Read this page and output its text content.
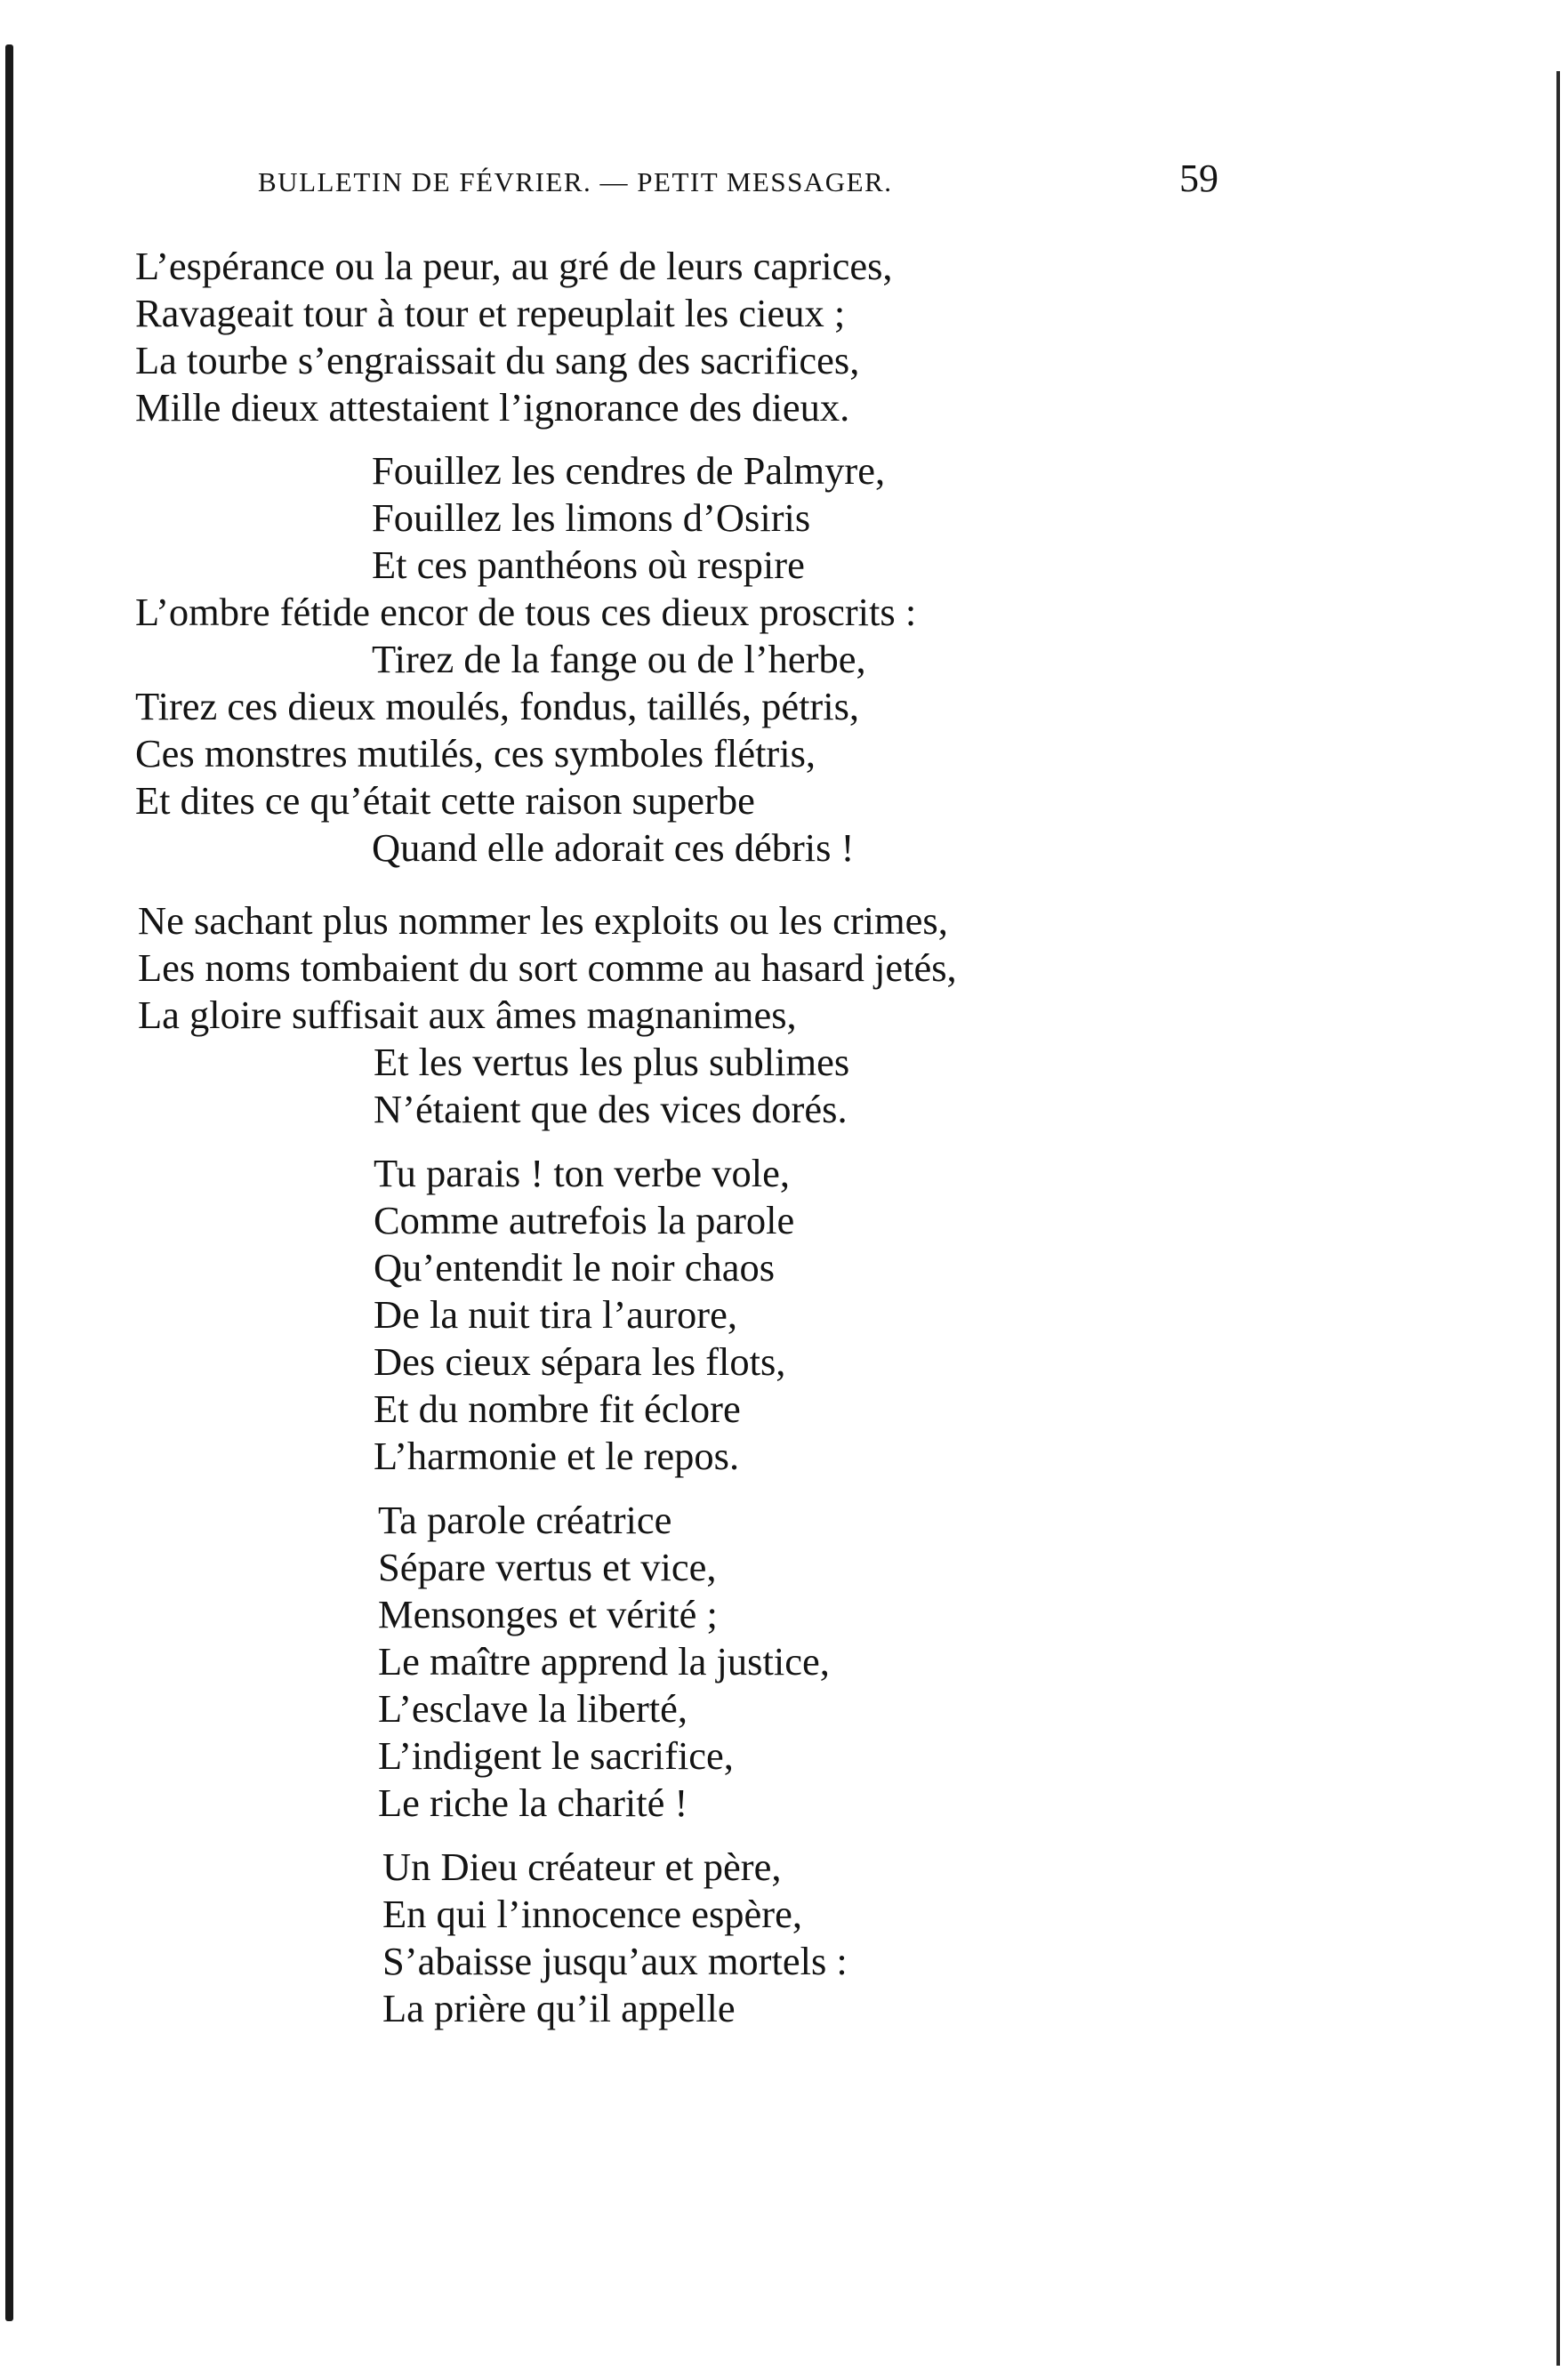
BULLETIN DE FÉVRIER. — PETIT MESSAGER.	59
L’espérance ou la peur, au gré de leurs caprices,
Ravageait tour à tour et repeuplait les cieux ;
La tourbe s’engraissait du sang des sacrifices,
Mille dieux attestaient l’ignorance des dieux.
Fouillez les cendres de Palmyre,
Fouillez les limons d’Osiris
Et ces panthéons où respire
L’ombre fétide encor de tous ces dieux proscrits :
Tirez de la fange ou de l’herbe,
Tirez ces dieux moulés, fondus, taillés, pétris,
Ces monstres mutilés, ces symboles flétris,
Et dites ce qu’était cette raison superbe
Quand elle adorait ces débris !
Ne sachant plus nommer les exploits ou les crimes,
Les noms tombaient du sort comme au hasard jetés,
La gloire suffisait aux âmes magnanimes,
Et les vertus les plus sublimes
N’étaient que des vices dorés.
Tu parais ! ton verbe vole,
Comme autrefois la parole
Qu’entendit le noir chaos
De la nuit tira l’aurore,
Des cieux sépara les flots,
Et du nombre fit éclore
L’harmonie et le repos.
Ta parole créatrice
Sépare vertus et vice,
Mensonges et vérité ;
Le maître apprend la justice,
L’esclave la liberté,
L’indigent le sacrifice,
Le riche la charité !
Un Dieu créateur et père,
En qui l’innocence espère,
S’abaisse jusqu’aux mortels :
La prière qu’il appelle
